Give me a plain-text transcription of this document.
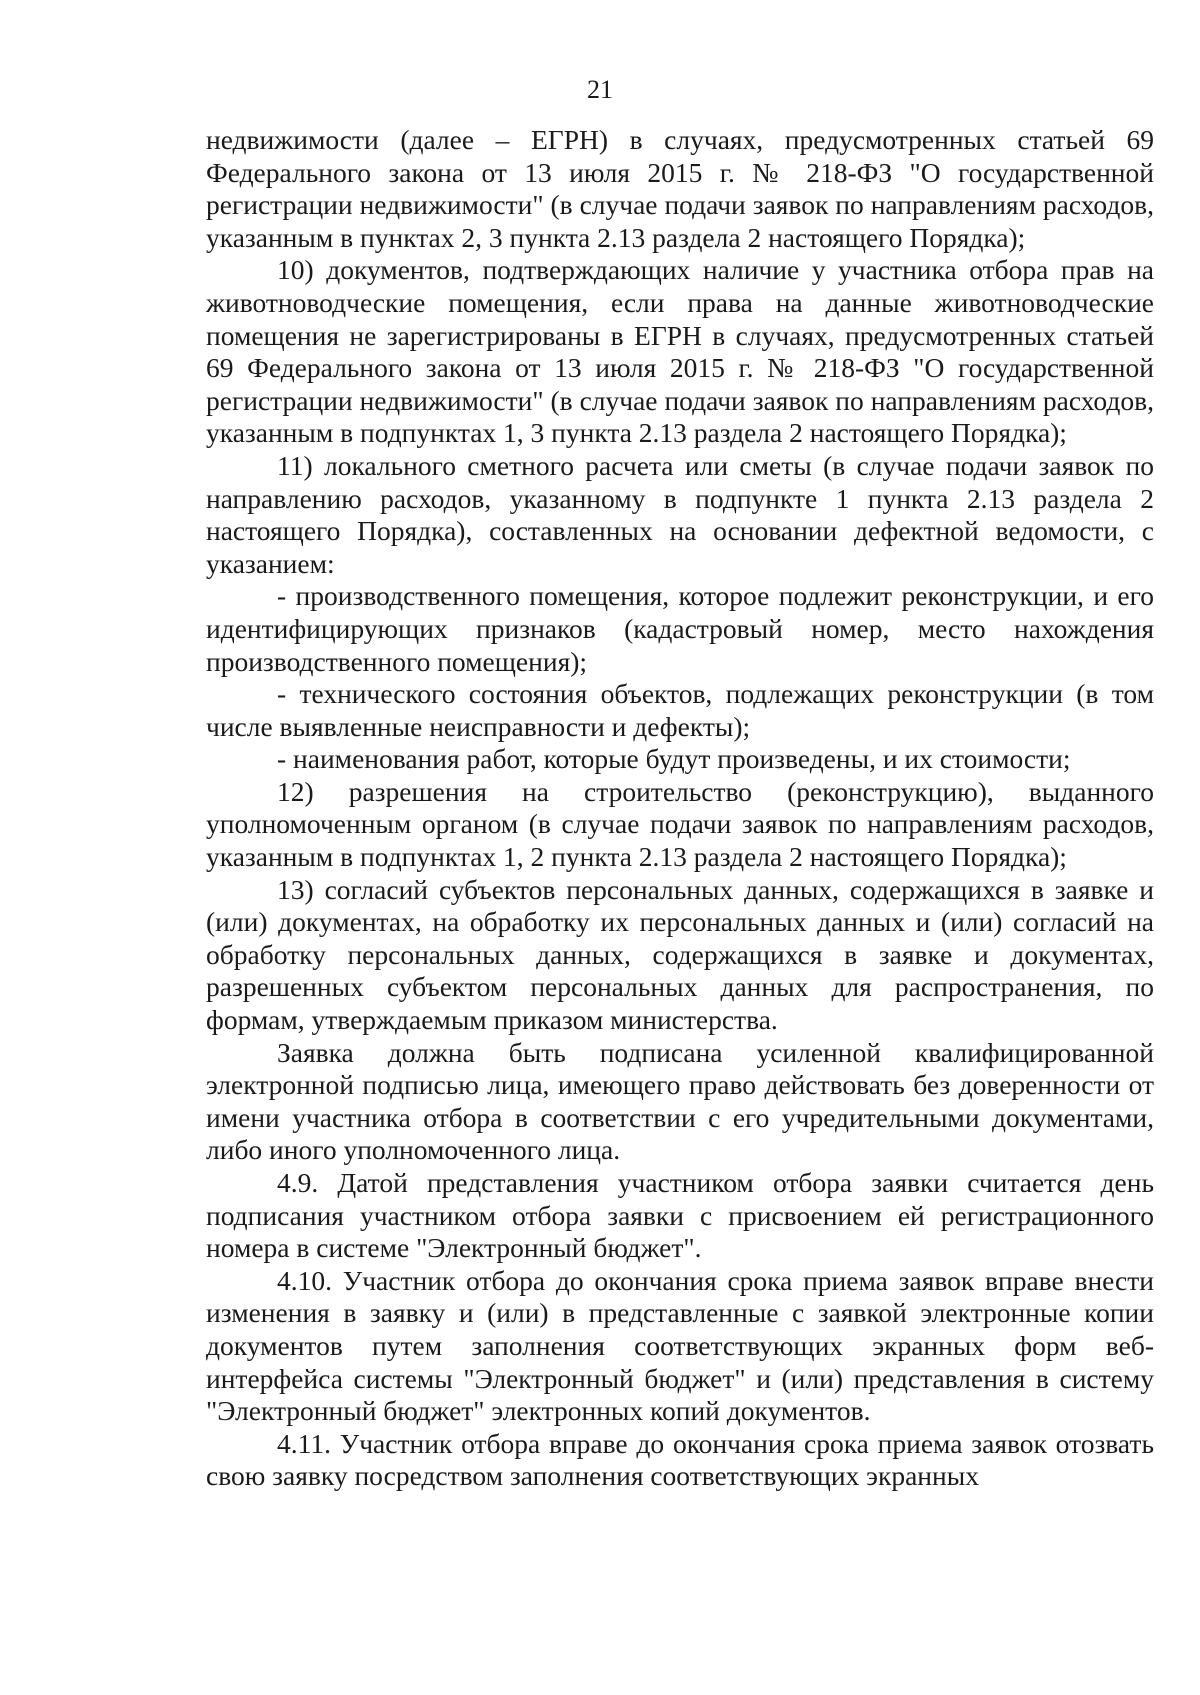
21

недвижимости (далее – ЕГРН) в случаях, предусмотренных статьей 69 Федерального закона от 13 июля 2015 г. № 218-ФЗ "О государственной регистрации недвижимости" (в случае подачи заявок по направлениям расходов, указанным в пунктах 2, 3 пункта 2.13 раздела 2 настоящего Порядка);

10) документов, подтверждающих наличие у участника отбора прав на животноводческие помещения, если права на данные животноводческие помещения не зарегистрированы в ЕГРН в случаях, предусмотренных статьей 69 Федерального закона от 13 июля 2015 г. № 218-ФЗ "О государственной регистрации недвижимости" (в случае подачи заявок по направлениям расходов, указанным в подпунктах 1, 3 пункта 2.13 раздела 2 настоящего Порядка);

11) локального сметного расчета или сметы (в случае подачи заявок по направлению расходов, указанному в подпункте 1 пункта 2.13 раздела 2 настоящего Порядка), составленных на основании дефектной ведомости, с указанием:

- производственного помещения, которое подлежит реконструкции, и его идентифицирующих признаков (кадастровый номер, место нахождения производственного помещения);

- технического состояния объектов, подлежащих реконструкции (в том числе выявленные неисправности и дефекты);

- наименования работ, которые будут произведены, и их стоимости;

12) разрешения на строительство (реконструкцию), выданного уполномоченным органом (в случае подачи заявок по направлениям расходов, указанным в подпунктах 1, 2 пункта 2.13 раздела 2 настоящего Порядка);

13) согласий субъектов персональных данных, содержащихся в заявке и (или) документах, на обработку их персональных данных и (или) согласий на обработку персональных данных, содержащихся в заявке и документах, разрешенных субъектом персональных данных для распространения, по формам, утверждаемым приказом министерства.

Заявка должна быть подписана усиленной квалифицированной электронной подписью лица, имеющего право действовать без доверенности от имени участника отбора в соответствии с его учредительными документами, либо иного уполномоченного лица.

4.9. Датой представления участником отбора заявки считается день подписания участником отбора заявки с присвоением ей регистрационного номера в системе "Электронный бюджет".

4.10. Участник отбора до окончания срока приема заявок вправе внести изменения в заявку и (или) в представленные с заявкой электронные копии документов путем заполнения соответствующих экранных форм веб-интерфейса системы "Электронный бюджет" и (или) представления в систему "Электронный бюджет" электронных копий документов.

4.11. Участник отбора вправе до окончания срока приема заявок отозвать свою заявку посредством заполнения соответствующих экранных
